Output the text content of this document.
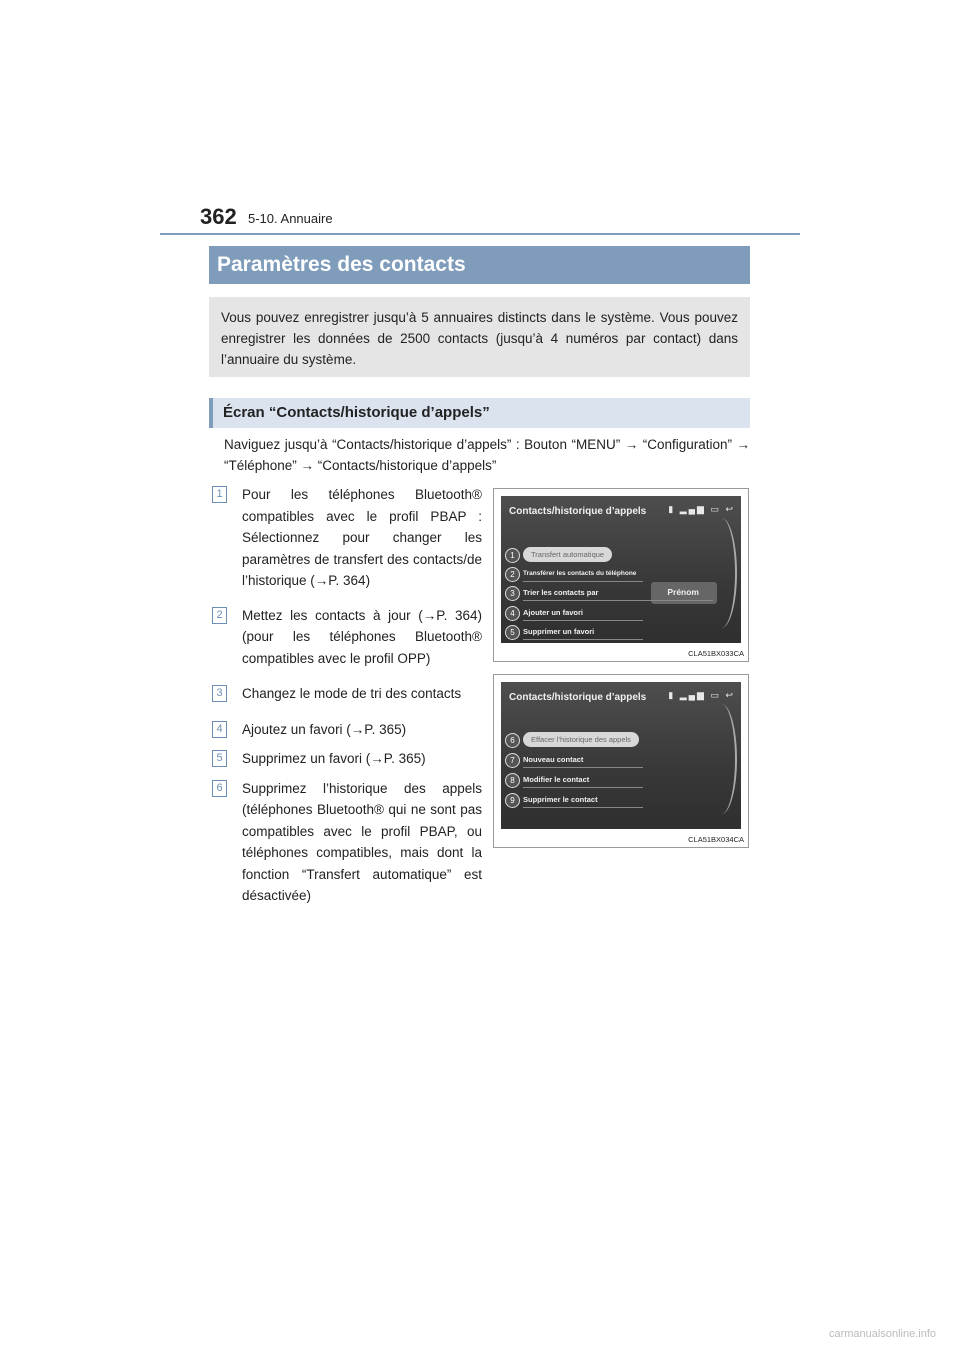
362 5-10. Annuaire
Paramètres des contacts
Vous pouvez enregistrer jusqu’à 5 annuaires distincts dans le système. Vous pouvez enregistrer les données de 2500 contacts (jusqu’à 4 numéros par contact) dans l’annuaire du système.
Écran “Contacts/historique d’appels”
Naviguez jusqu’à “Contacts/historique d’appels” : Bouton “MENU” → “Configuration” → “Téléphone” → “Contacts/historique d’appels”
1	Pour les téléphones Bluetooth® compatibles avec le profil PBAP : Sélectionnez pour changer les paramètres de transfert des contacts/de l’historique (→P. 364)
2	Mettez les contacts à jour (→P. 364) (pour les téléphones Bluetooth® compatibles avec le profil OPP)
3	Changez le mode de tri des contacts
4	Ajoutez un favori (→P. 365)
5	Supprimez un favori (→P. 365)
6	Supprimez l’historique des appels (téléphones Bluetooth® qui ne sont pas compatibles avec le profil PBAP, ou téléphones compatibles, mais dont la fonction “Transfert automatique” est désactivée)
Contacts/historique d’appels ▮ ▂▄▆ ▭ ↩
1	Transfert automatique
2	Transférer les contacts du téléphone
3	Trier les contacts par	Prénom
4	Ajouter un favori
5	Supprimer un favori
CLA51BX033CA
Contacts/historique d’appels ▮ ▂▄▆ ▭ ↩
6	Effacer l’historique des appels
7	Nouveau contact
8	Modifier le contact
9	Supprimer le contact
CLA51BX034CA
carmanualsonline.info
